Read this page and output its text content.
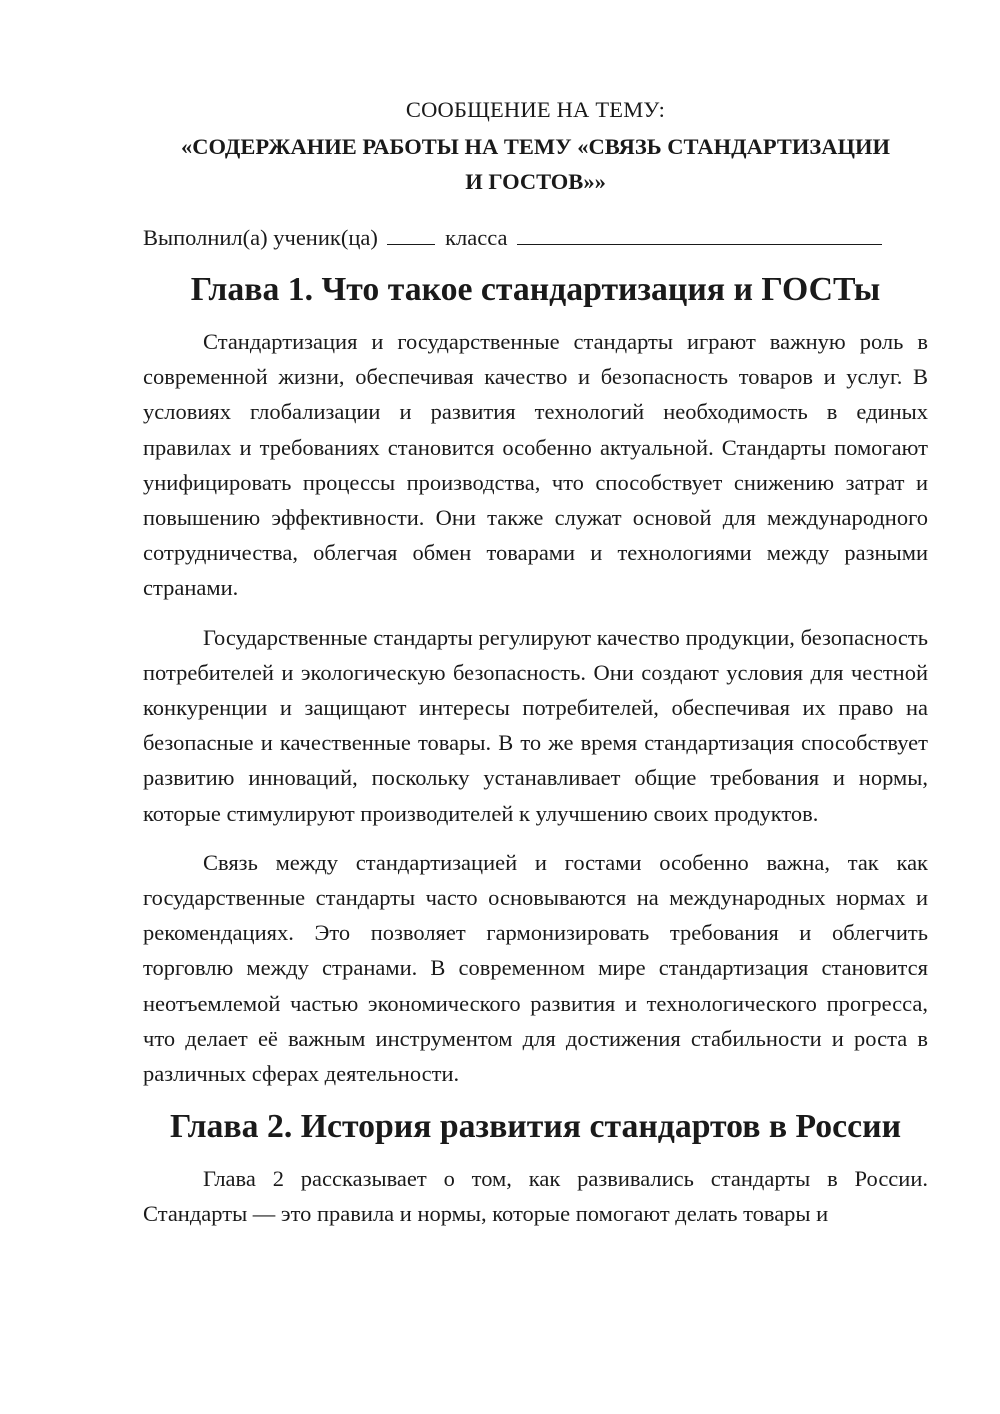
СООБЩЕНИЕ НА ТЕМУ:

«СОДЕРЖАНИЕ РАБОТЫ НА ТЕМУ «СВЯЗЬ СТАНДАРТИЗАЦИИ

И ГОСТОВ»»

Выполнил(а) ученик(ца)	класса
Глава 1. Что такое стандартизация и ГОСТы

Стандартизация и государственные стандарты играют важную роль в современной жизни, обеспечивая качество и безопасность товаров и услуг. В условиях глобализации и развития технологий необходимость в единых правилах и требованиях становится особенно актуальной. Стандарты помогают унифицировать процессы производства, что способствует снижению затрат и повышению эффективности. Они также служат основой для международного сотрудничества, облегчая обмен товарами и технологиями между разными странами.

Государственные стандарты регулируют качество продукции, безопасность потребителей и экологическую безопасность. Они создают условия для честной конкуренции и защищают интересы потребителей, обеспечивая их право на безопасные и качественные товары. В то же время стандартизация способствует развитию инноваций, поскольку устанавливает общие требования и нормы, которые стимулируют производителей к улучшению своих продуктов.

Связь между стандартизацией и гостами особенно важна, так как государственные стандарты часто основываются на международных нормах и рекомендациях. Это позволяет гармонизировать требования и облегчить торговлю между странами. В современном мире стандартизация становится неотъемлемой частью экономического развития и технологического прогресса, что делает её важным инструментом для достижения стабильности и роста в различных сферах деятельности.

Глава 2. История развития стандартов в России

Глава 2 рассказывает о том, как развивались стандарты в России. Стандарты — это правила и нормы, которые помогают делать товары и
